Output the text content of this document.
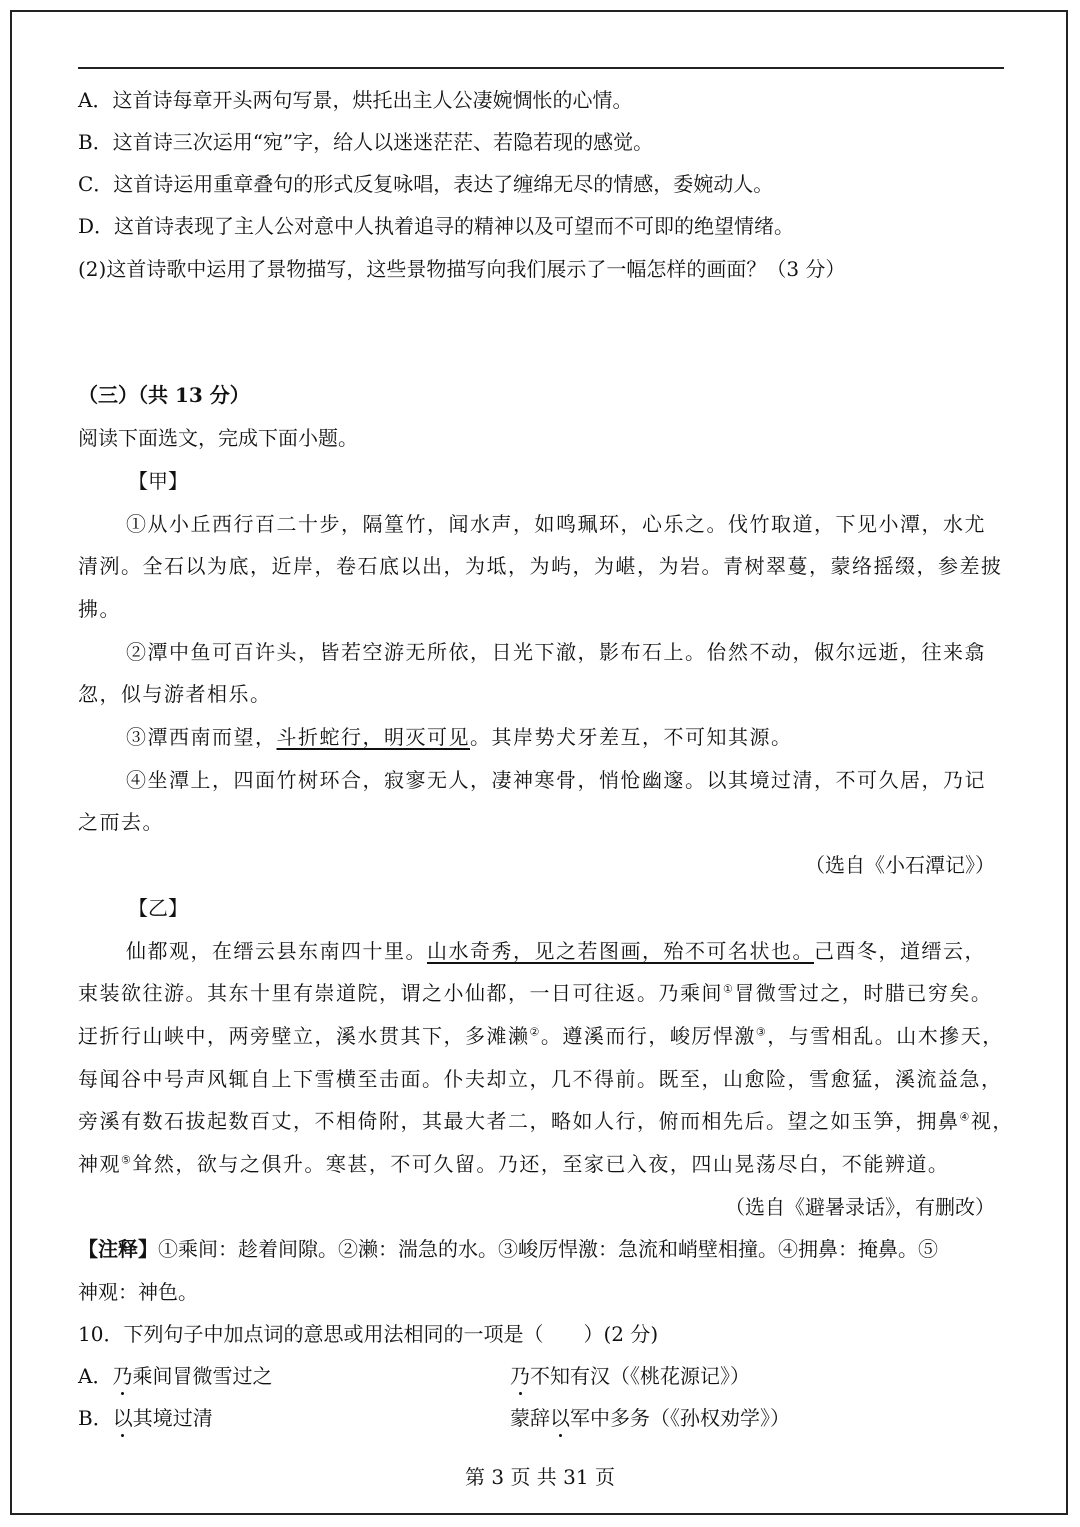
A．这首诗每章开头两句写景，烘托出主人公凄婉惆怅的心情。
B．这首诗三次运用“宛”字，给人以迷迷茫茫、若隐若现的感觉。
C．这首诗运用重章叠句的形式反复咏唱，表达了缠绵无尽的情感，委婉动人。
D．这首诗表现了主人公对意中人执着追寻的精神以及可望而不可即的绝望情绪。
(2)这首诗歌中运用了景物描写，这些景物描写向我们展示了一幅怎样的画面？（3 分）
（三）（共 13 分）
阅读下面选文，完成下面小题。
【甲】
①从小丘西行百二十步，隔篁竹，闻水声，如鸣珮环，心乐之。伐竹取道，下见小潭，水尤
清洌。全石以为底，近岸，卷石底以出，为坻，为屿，为嵁，为岩。青树翠蔓，蒙络摇缀，参差披
拂。
②潭中鱼可百许头，皆若空游无所依，日光下澈，影布石上。佁然不动，俶尔远逝，往来翕
忽，似与游者相乐。
③潭西南而望，斗折蛇行，明灭可见。其岸势犬牙差互，不可知其源。
④坐潭上，四面竹树环合，寂寥无人，凄神寒骨，悄怆幽邃。以其境过清，不可久居，乃记
之而去。
（选自《小石潭记》）
【乙】
仙都观，在缙云县东南四十里。山水奇秀，见之若图画，殆不可名状也。己酉冬，道缙云，
束装欲往游。其东十里有崇道院，谓之小仙都，一日可往返。乃乘间①冒微雪过之，时腊已穷矣。
迂折行山峡中，两旁壁立，溪水贯其下，多滩濑②。遵溪而行，峻厉悍激③，与雪相乱。山木摻天，
每闻谷中号声风辄自上下雪横至击面。仆夫却立，几不得前。既至，山愈险，雪愈猛，溪流益急，
旁溪有数石拔起数百丈，不相倚附，其最大者二，略如人行，俯而相先后。望之如玉笋，拥鼻④视，
神观⑤耸然，欲与之俱升。寒甚，不可久留。乃还，至家已入夜，四山晃荡尽白，不能辨道。
（选自《避暑录话》，有删改）
【注释】①乘间：趁着间隙。②濑：湍急的水。③峻厉悍激：急流和峭壁相撞。④拥鼻：掩鼻。⑤
神观：神色。
10．下列句子中加点词的意思或用法相同的一项是（　　）(2 分)
A．乃乘间冒微雪过之	乃不知有汉（《桃花源记》）
B．以其境过清	蒙辞以军中多务（《孙权劝学》）
第 3 页 共 31 页
